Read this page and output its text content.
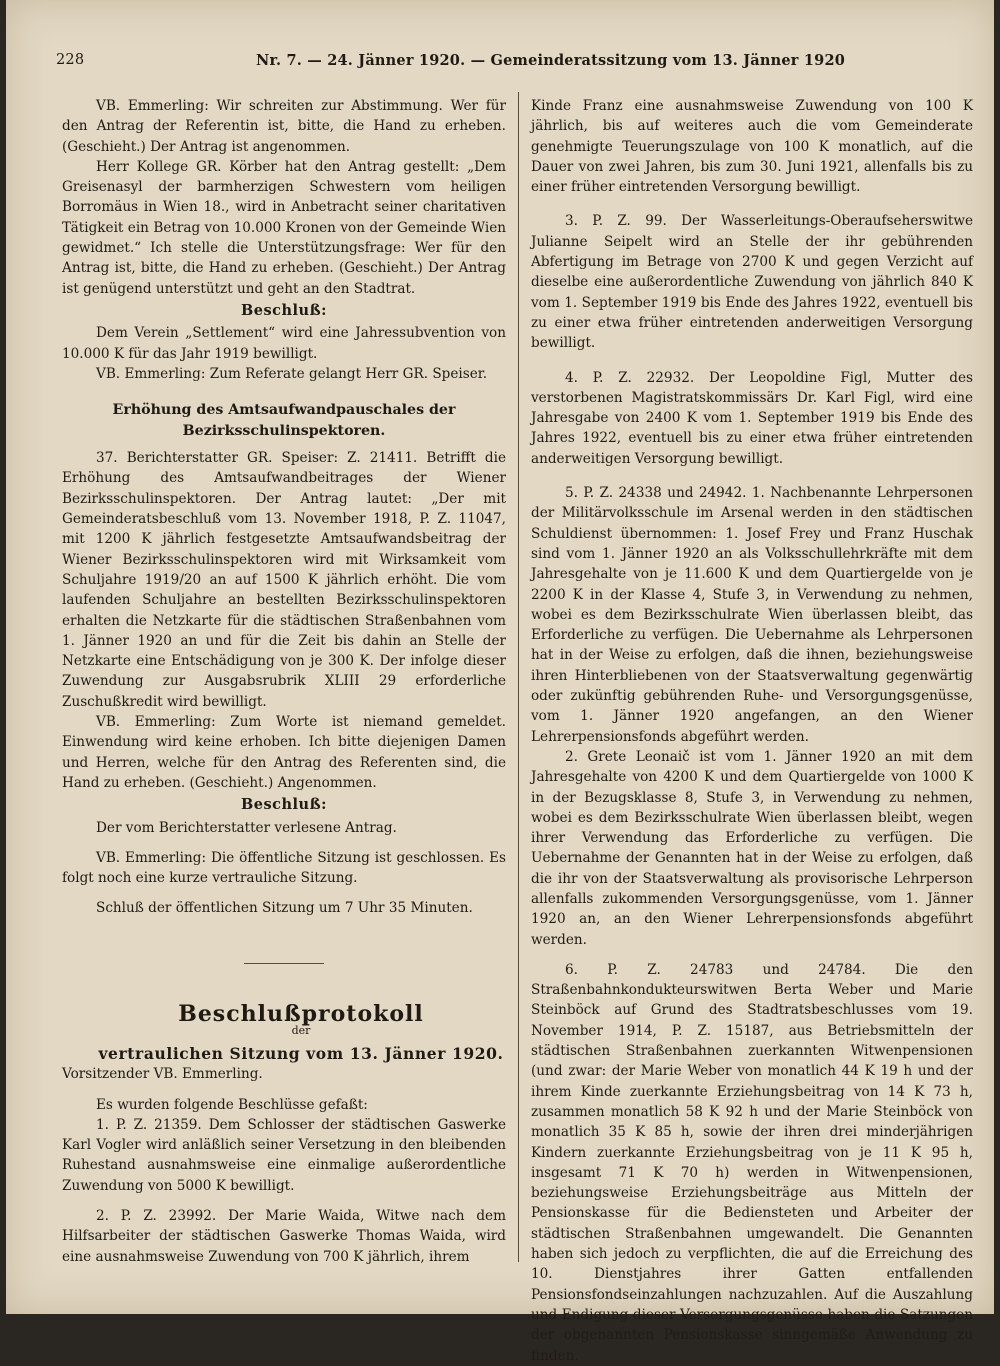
228	Nr. 7. — 24. Jänner 1920. — Gemeinderatssitzung vom 13. Jänner 1920

VB. Emmerling: Wir schreiten zur Abstimmung. Wer für den Antrag der Referentin ist, bitte, die Hand zu erheben. (Geschieht.) Der Antrag ist angenommen.

Herr Kollege GR. Körber hat den Antrag gestellt: „Dem Greisenasyl der barmherzigen Schwestern vom heiligen Borromäus in Wien 18., wird in Anbetracht seiner charitativen Tätigkeit ein Betrag von 10.000 Kronen von der Gemeinde Wien gewidmet.“ Ich stelle die Unterstützungsfrage: Wer für den Antrag ist, bitte, die Hand zu erheben. (Geschieht.) Der Antrag ist genügend unterstützt und geht an den Stadtrat.

Beschluß:

Dem Verein „Settlement“ wird eine Jahressubvention von 10.000 K für das Jahr 1919 bewilligt.

VB. Emmerling: Zum Referate gelangt Herr GR. Speiser.

Erhöhung des Amtsaufwandpauschales der Bezirksschulinspektoren.

37. Berichterstatter GR. Speiser: Z. 21411. Betrifft die Erhöhung des Amtsaufwandbeitrages der Wiener Bezirksschulinspektoren. Der Antrag lautet: „Der mit Gemeinderatsbeschluß vom 13. November 1918, P. Z. 11047, mit 1200 K jährlich festgesetzte Amtsaufwandsbeitrag der Wiener Bezirksschulinspektoren wird mit Wirksamkeit vom Schuljahre 1919/20 an auf 1500 K jährlich erhöht. Die vom laufenden Schuljahre an bestellten Bezirksschulinspektoren erhalten die Netzkarte für die städtischen Straßenbahnen vom 1. Jänner 1920 an und für die Zeit bis dahin an Stelle der Netzkarte eine Entschädigung von je 300 K. Der infolge dieser Zuwendung zur Ausgabsrubrik XLIII 29 erforderliche Zuschußkredit wird bewilligt.

VB. Emmerling: Zum Worte ist niemand gemeldet. Einwendung wird keine erhoben. Ich bitte diejenigen Damen und Herren, welche für den Antrag des Referenten sind, die Hand zu erheben. (Geschieht.) Angenommen.

Beschluß:

Der vom Berichterstatter verlesene Antrag.

VB. Emmerling: Die öffentliche Sitzung ist geschlossen. Es folgt noch eine kurze vertrauliche Sitzung.

Schluß der öffentlichen Sitzung um 7 Uhr 35 Minuten.

Beschlußprotokoll

der

vertraulichen Sitzung vom 13. Jänner 1920.

Vorsitzender VB. Emmerling.

Es wurden folgende Beschlüsse gefaßt:

1. P. Z. 21359. Dem Schlosser der städtischen Gaswerke Karl Vogler wird anläßlich seiner Versetzung in den bleibenden Ruhestand ausnahmsweise eine einmalige außerordentliche Zuwendung von 5000 K bewilligt.

2. P. Z. 23992. Der Marie Waida, Witwe nach dem Hilfsarbeiter der städtischen Gaswerke Thomas Waida, wird eine ausnahmsweise Zuwendung von 700 K jährlich, ihrem

Kinde Franz eine ausnahmsweise Zuwendung von 100 K jährlich, bis auf weiteres auch die vom Gemeinderate genehmigte Teuerungszulage von 100 K monatlich, auf die Dauer von zwei Jahren, bis zum 30. Juni 1921, allenfalls bis zu einer früher eintretenden Versorgung bewilligt.

3. P. Z. 99. Der Wasserleitungs-Oberaufseherswitwe Julianne Seipelt wird an Stelle der ihr gebührenden Abfertigung im Betrage von 2700 K und gegen Verzicht auf dieselbe eine außerordentliche Zuwendung von jährlich 840 K vom 1. September 1919 bis Ende des Jahres 1922, eventuell bis zu einer etwa früher eintretenden anderweitigen Versorgung bewilligt.

4. P. Z. 22932. Der Leopoldine Figl, Mutter des verstorbenen Magistratskommissärs Dr. Karl Figl, wird eine Jahresgabe von 2400 K vom 1. September 1919 bis Ende des Jahres 1922, eventuell bis zu einer etwa früher eintretenden anderweitigen Versorgung bewilligt.

5. P. Z. 24338 und 24942. 1. Nachbenannte Lehrpersonen der Militärvolksschule im Arsenal werden in den städtischen Schuldienst übernommen: 1. Josef Frey und Franz Huschak sind vom 1. Jänner 1920 an als Volksschullehrkräfte mit dem Jahresgehalte von je 11.600 K und dem Quartiergelde von je 2200 K in der Klasse 4, Stufe 3, in Verwendung zu nehmen, wobei es dem Bezirksschulrate Wien überlassen bleibt, das Erforderliche zu verfügen. Die Uebernahme als Lehrpersonen hat in der Weise zu erfolgen, daß die ihnen, beziehungsweise ihren Hinterbliebenen von der Staatsverwaltung gegenwärtig oder zukünftig gebührenden Ruhe- und Versorgungsgenüsse, vom 1. Jänner 1920 angefangen, an den Wiener Lehrerpensionsfonds abgeführt werden.

2. Grete Leonaič ist vom 1. Jänner 1920 an mit dem Jahresgehalte von 4200 K und dem Quartiergelde von 1000 K in der Bezugsklasse 8, Stufe 3, in Verwendung zu nehmen, wobei es dem Bezirksschulrate Wien überlassen bleibt, wegen ihrer Verwendung das Erforderliche zu verfügen. Die Uebernahme der Genannten hat in der Weise zu erfolgen, daß die ihr von der Staatsverwaltung als provisorische Lehrperson allenfalls zukommenden Versorgungsgenüsse, vom 1. Jänner 1920 an, an den Wiener Lehrerpensionsfonds abgeführt werden.

6. P. Z. 24783 und 24784. Die den Straßenbahnkondukteurswitwen Berta Weber und Marie Steinböck auf Grund des Stadtratsbeschlusses vom 19. November 1914, P. Z. 15187, aus Betriebsmitteln der städtischen Straßenbahnen zuerkannten Witwenpensionen (und zwar: der Marie Weber von monatlich 44 K 19 h und der ihrem Kinde zuerkannte Erziehungsbeitrag von 14 K 73 h, zusammen monatlich 58 K 92 h und der Marie Steinböck von monatlich 35 K 85 h, sowie der ihren drei minderjährigen Kindern zuerkannte Erziehungsbeitrag von je 11 K 95 h, insgesamt 71 K 70 h) werden in Witwenpensionen, beziehungsweise Erziehungsbeiträge aus Mitteln der Pensionskasse für die Bediensteten und Arbeiter der städtischen Straßenbahnen umgewandelt. Die Genannten haben sich jedoch zu verpflichten, die auf die Erreichung des 10. Dienstjahres ihrer Gatten entfallenden Pensionsfondseinzahlungen nachzuzahlen. Auf die Auszahlung und Endigung dieser Versorgungsgenüsse haben die Satzungen der obgenannten Pensionskasse sinngemäße Anwendung zu finden.
